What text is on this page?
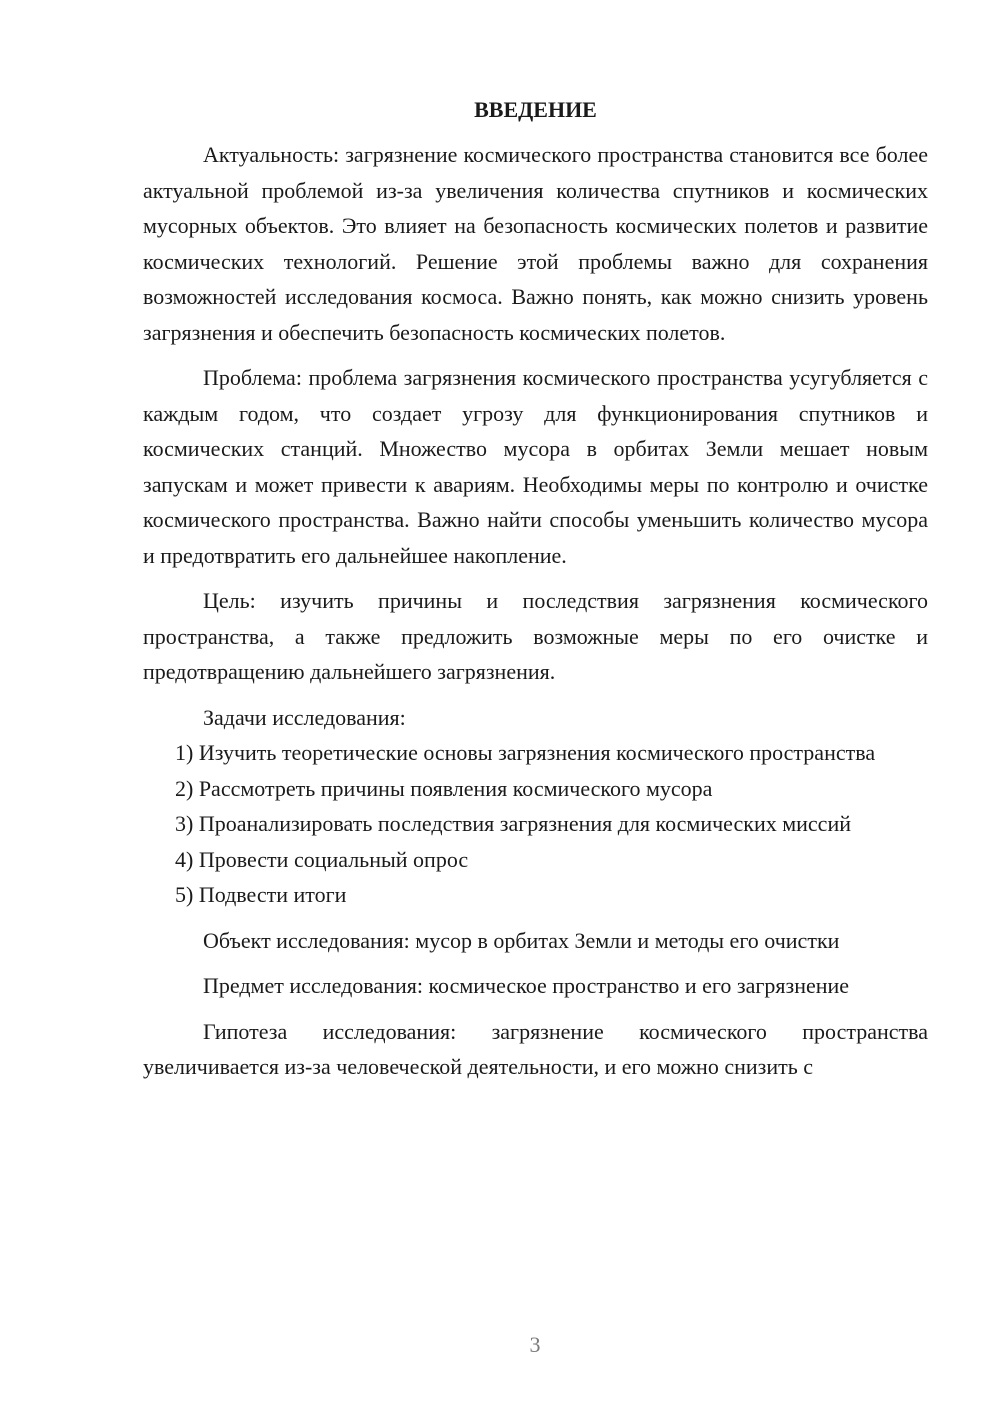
ВВЕДЕНИЕ

Актуальность: загрязнение космического пространства становится все более актуальной проблемой из-за увеличения количества спутников и космических мусорных объектов. Это влияет на безопасность космических полетов и развитие космических технологий. Решение этой проблемы важно для сохранения возможностей исследования космоса. Важно понять, как можно снизить уровень загрязнения и обеспечить безопасность космических полетов.

Проблема: проблема загрязнения космического пространства усугубляется с каждым годом, что создает угрозу для функционирования спутников и космических станций. Множество мусора в орбитах Земли мешает новым запускам и может привести к авариям. Необходимы меры по контролю и очистке космического пространства. Важно найти способы уменьшить количество мусора и предотвратить его дальнейшее накопление.

Цель: изучить причины и последствия загрязнения космического пространства, а также предложить возможные меры по его очистке и предотвращению дальнейшего загрязнения.

Задачи исследования:

1) Изучить теоретические основы загрязнения космического пространства

2) Рассмотреть причины появления космического мусора

3) Проанализировать последствия загрязнения для космических миссий

4) Провести социальный опрос

5) Подвести итоги

Объект исследования: мусор в орбитах Земли и методы его очистки

Предмет исследования: космическое пространство и его загрязнение

Гипотеза исследования: загрязнение космического пространства увеличивается из-за человеческой деятельности, и его можно снизить с

3
